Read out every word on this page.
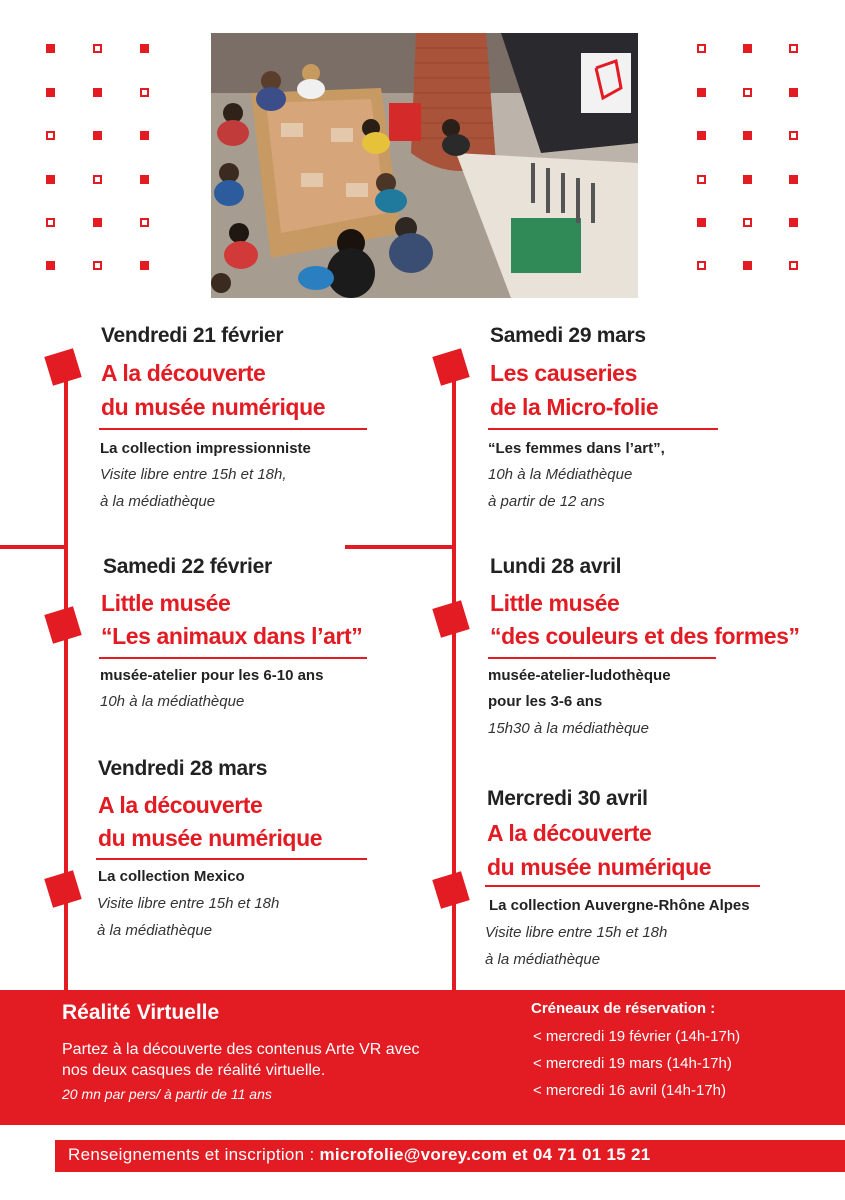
Vendredi 21 février
A la découverte
du musée numérique
La collection impressionniste
Visite libre entre 15h et 18h,
à la médiathèque
Samedi 22 février
Little musée
“Les animaux dans l’art”
musée-atelier pour les 6-10 ans
10h à la médiathèque
Vendredi 28 mars
A la découverte
du musée numérique
La collection Mexico
Visite libre entre 15h et 18h
à la médiathèque
Samedi 29 mars
Les causeries
de la Micro-folie
“Les femmes dans l’art”,
10h à la Médiathèque
à partir de 12 ans
Lundi 28 avril
Little musée
“des couleurs et des formes”
musée-atelier-ludothèque
pour les 3-6 ans
15h30 à la médiathèque
Mercredi 30 avril
A la découverte
du musée numérique
La collection Auvergne-Rhône Alpes
Visite libre entre 15h et 18h
à la médiathèque
Réalité Virtuelle
Partez à la découverte des contenus Arte VR avec
nos deux casques de réalité virtuelle.
20 mn par pers/ à partir de 11 ans
Créneaux de réservation :
< mercredi 19 février (14h-17h)
< mercredi 19 mars (14h-17h)
< mercredi 16 avril (14h-17h)
Renseignements et inscription : microfolie@vorey.com et 04 71 01 15 21
